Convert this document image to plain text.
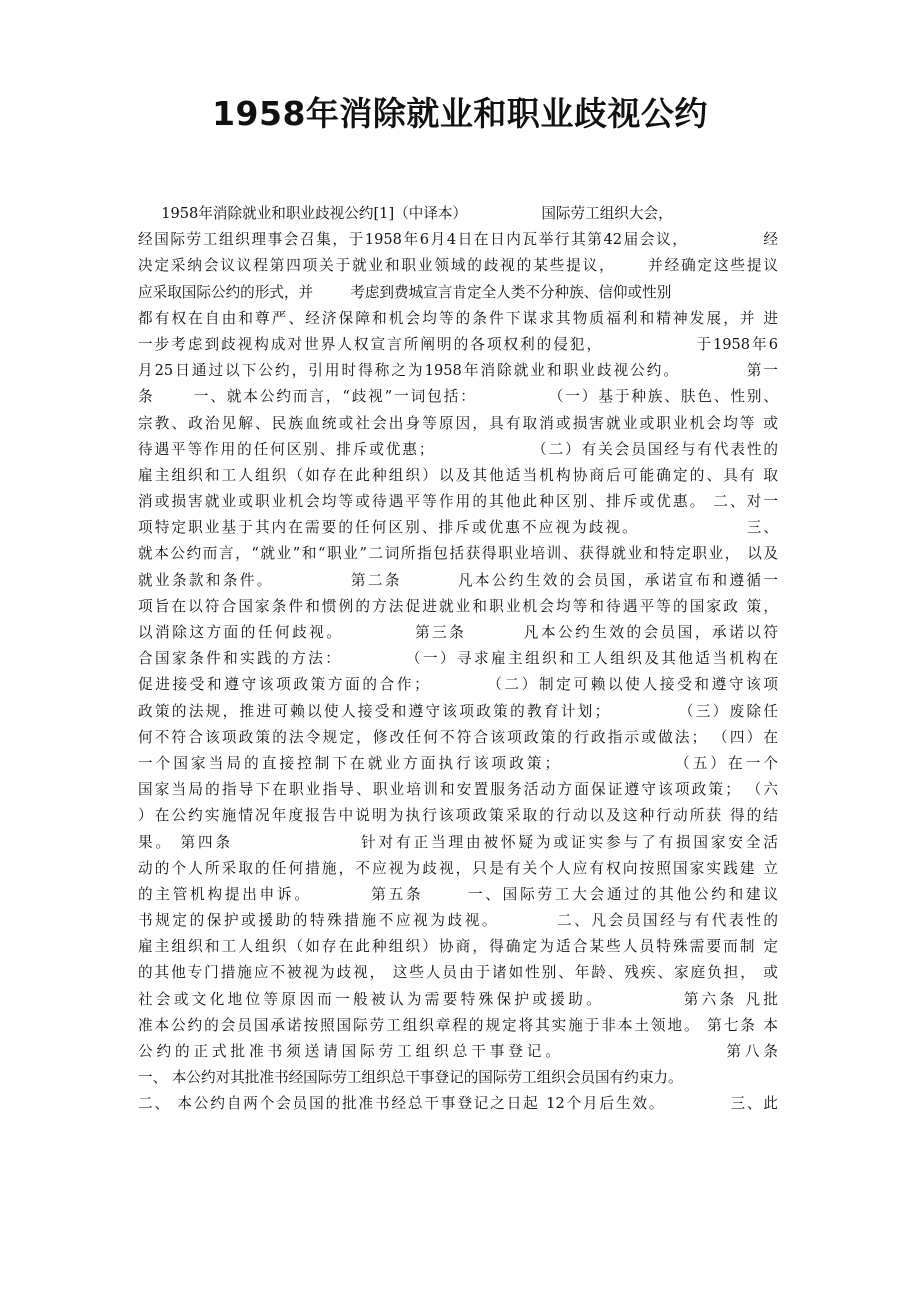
1958年消除就业和职业歧视公约
1958年消除就业和职业歧视公约[1]（中译本）                国际劳工组织大会，
经国际劳工组织理事会召集，于1958年6月4日在日内瓦举行其第42届会议，            经
决定采纳会议议程第四项关于就业和职业领域的歧视的某些提议，     并经确定这些提议
应采取国际公约的形式，并        考虑到费城宣言肯定全人类不分种族、信仰或性别
都有权在自由和尊严、经济保障和机会均等的条件下谋求其物质福利和精神发展，并 进
一步考虑到歧视构成对世界人权宣言所阐明的各项权利的侵犯，              于1958年6
月25日通过以下公约，引用时得称之为1958年消除就业和职业歧视公约。          第一
条      一、就本公约而言，“歧视”一词包括：           （一）基于种族、肤色、性别、
宗教、政治见解、民族血统或社会出身等原因，具有取消或损害就业或职业机会均等 或
待遇平等作用的任何区别、排斥或优惠；               （二）有关会员国经与有代表性的
雇主组织和工人组织（如存在此种组织）以及其他适当机构协商后可能确定的、具有 取
消或损害就业或职业机会均等或待遇平等作用的其他此种区别、排斥或优惠。 二、对一
项特定职业基于其内在需要的任何区别、排斥或优惠不应视为歧视。                三、
就本公约而言，“就业”和“职业”二词所指包括获得职业培训、获得就业和特定职业， 以及
就业条款和条件。           第二条        凡本公约生效的会员国，承诺宣布和遵循一
项旨在以符合国家条件和惯例的方法促进就业和职业机会均等和待遇平等的国家政 策，
以消除这方面的任何歧视。          第三条        凡本公约生效的会员国，承诺以符
合国家条件和实践的方法：         （一）寻求雇主组织和工人组织及其他适当机构在
促进接受和遵守该项政策方面的合作；        （二）制定可赖以使人接受和遵守该项
政策的法规，推进可赖以使人接受和遵守该项政策的教育计划；          （三）废除任
何不符合该项政策的法令规定，修改任何不符合该项政策的行政指示或做法； （四）在
一个国家当局的直接控制下在就业方面执行该项政策；               （五）在一个
国家当局的指导下在职业指导、职业培训和安置服务活动方面保证遵守该项政策； （六
）在公约实施情况年度报告中说明为执行该项政策采取的行动以及这种行动所获 得的结
果。 第四条                 针对有正当理由被怀疑为或证实参与了有损国家安全活
动的个人所采取的任何措施，不应视为歧视，只是有关个人应有权向按照国家实践建 立
的主管机构提出申诉。        第五条      一、国际劳工大会通过的其他公约和建议
书规定的保护或援助的特殊措施不应视为歧视。        二、凡会员国经与有代表性的
雇主组织和工人组织（如存在此种组织）协商，得确定为适合某些人员特殊需要而制 定
的其他专门措施应不被视为歧视， 这些人员由于诸如性别、年龄、残疾、家庭负担， 或
社会或文化地位等原因而一般被认为需要特殊保护或援助。          第六条 凡批
准本公约的会员国承诺按照国际劳工组织章程的规定将其实施于非本土领地。 第七条 本
公约的正式批准书须送请国际劳工组织总干事登记。                   第八条
一、 本公约对其批准书经国际劳工组织总干事登记的国际劳工组织会员国有约束力。
二、 本公约自两个会员国的批准书经总干事登记之日起 12个月后生效。          三、此
